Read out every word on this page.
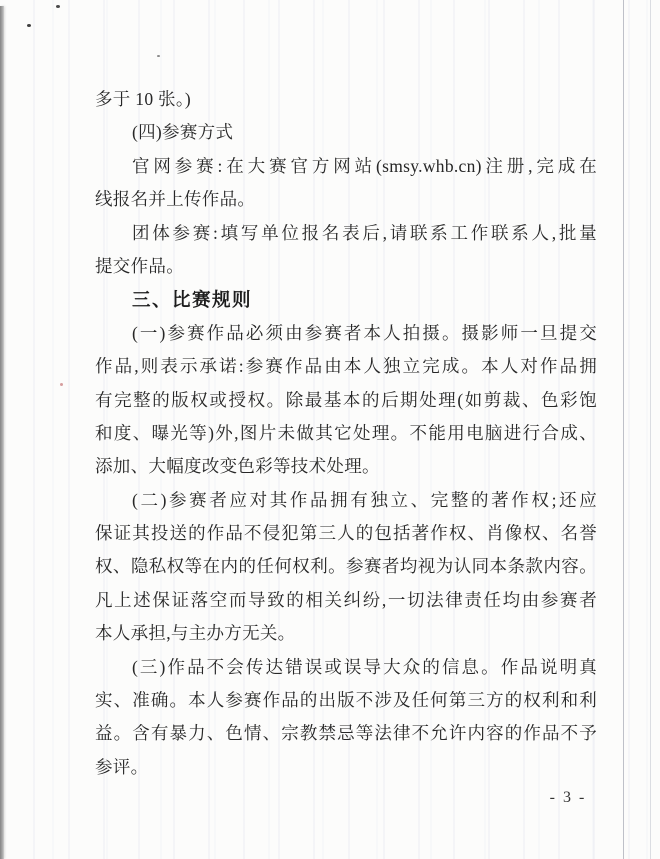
多于 10 张。)
(四)参赛方式
官网参赛:在大赛官方网站(smsy.whb.cn)注册,完成在
线报名并上传作品。
团体参赛:填写单位报名表后,请联系工作联系人,批量
提交作品。
三、比赛规则
(一)参赛作品必须由参赛者本人拍摄。摄影师一旦提交
作品,则表示承诺:参赛作品由本人独立完成。本人对作品拥
有完整的版权或授权。除最基本的后期处理(如剪裁、色彩饱
和度、曝光等)外,图片未做其它处理。不能用电脑进行合成、
添加、大幅度改变色彩等技术处理。
(二)参赛者应对其作品拥有独立、完整的著作权;还应
保证其投送的作品不侵犯第三人的包括著作权、肖像权、名誉
权、隐私权等在内的任何权利。参赛者均视为认同本条款内容。
凡上述保证落空而导致的相关纠纷,一切法律责任均由参赛者
本人承担,与主办方无关。
(三)作品不会传达错误或误导大众的信息。作品说明真
实、准确。本人参赛作品的出版不涉及任何第三方的权利和利
益。含有暴力、色情、宗教禁忌等法律不允许内容的作品不予
参评。
- 3 -
